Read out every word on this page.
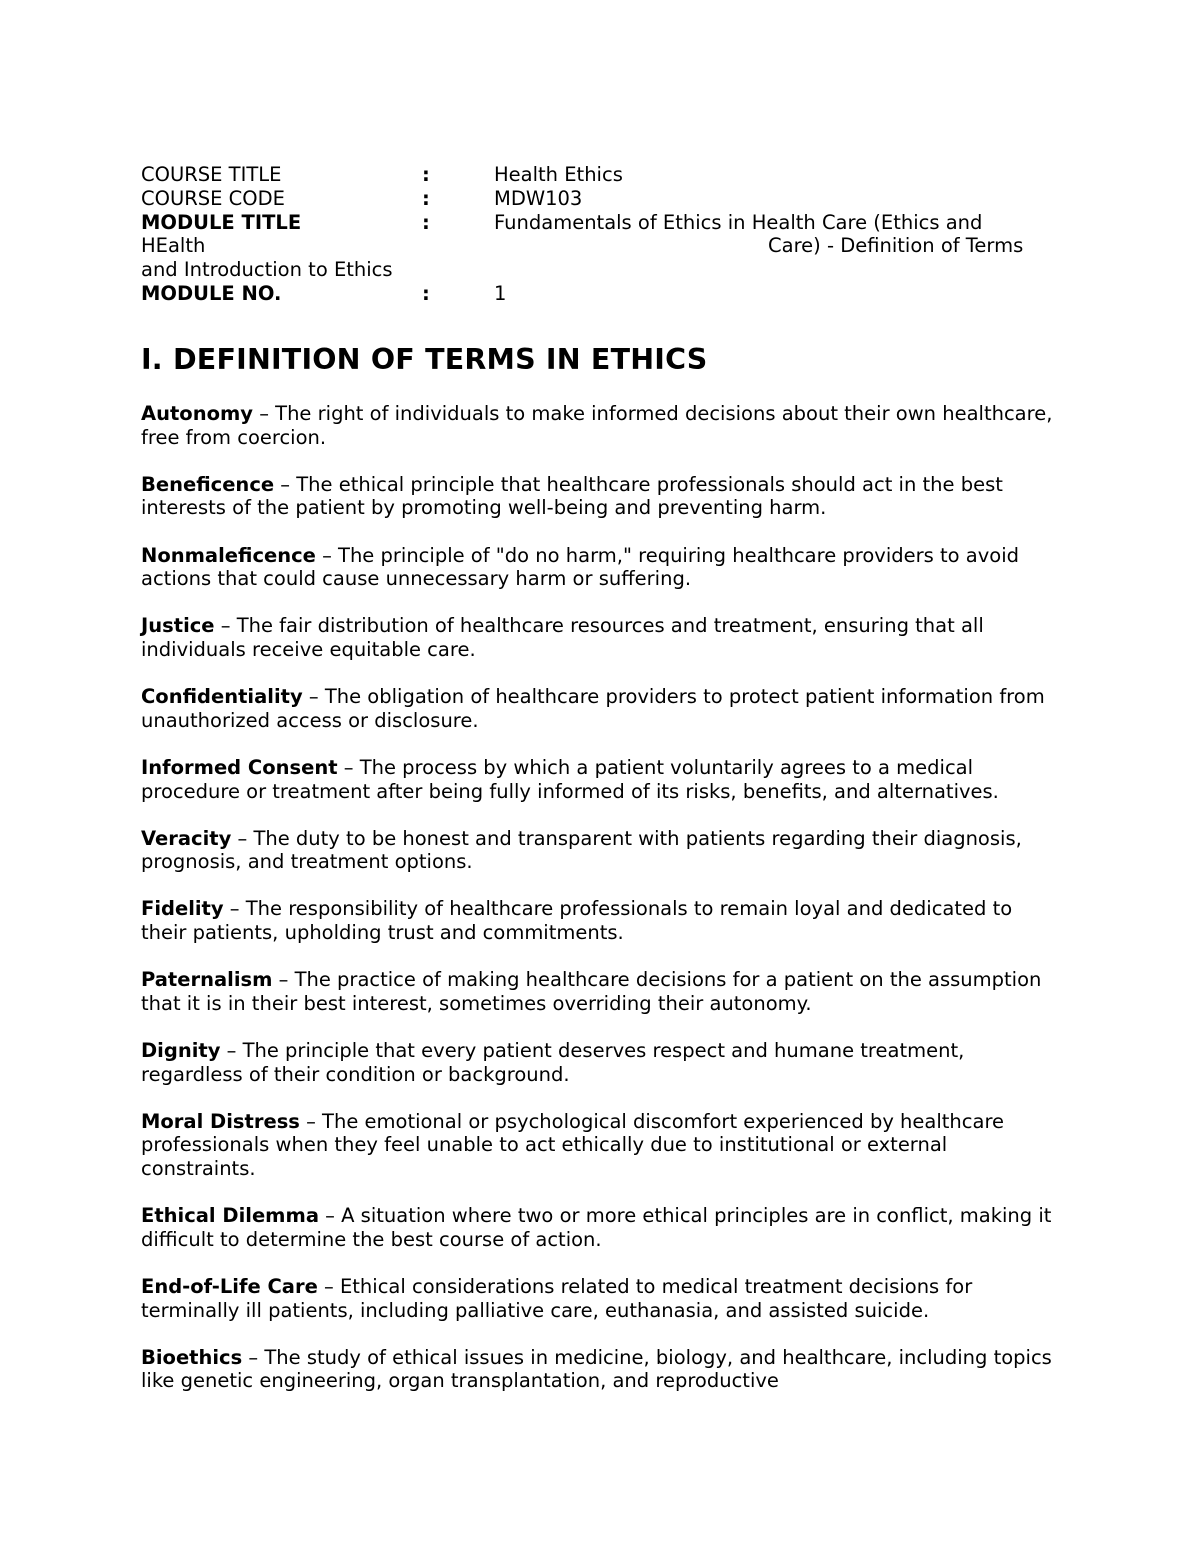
COURSE TITLE	:	Health Ethics
COURSE CODE	:	MDW103
MODULE TITLE	:	Fundamentals of Ethics in Health Care (Ethics and
HEalth	Care) - Definition of Terms
and Introduction to Ethics
MODULE NO.	:	1
I. DEFINITION OF TERMS IN ETHICS

Autonomy – The right of individuals to make informed decisions about their own healthcare, free from coercion.

Beneficence – The ethical principle that healthcare professionals should act in the best interests of the patient by promoting well-being and preventing harm.

Nonmaleficence – The principle of "do no harm," requiring healthcare providers to avoid actions that could cause unnecessary harm or suffering.

Justice – The fair distribution of healthcare resources and treatment, ensuring that all individuals receive equitable care.

Confidentiality – The obligation of healthcare providers to protect patient information from unauthorized access or disclosure.

Informed Consent – The process by which a patient voluntarily agrees to a medical procedure or treatment after being fully informed of its risks, benefits, and alternatives.

Veracity – The duty to be honest and transparent with patients regarding their diagnosis, prognosis, and treatment options.

Fidelity – The responsibility of healthcare professionals to remain loyal and dedicated to their patients, upholding trust and commitments.

Paternalism – The practice of making healthcare decisions for a patient on the assumption that it is in their best interest, sometimes overriding their autonomy.

Dignity – The principle that every patient deserves respect and humane treatment, regardless of their condition or background.

Moral Distress – The emotional or psychological discomfort experienced by healthcare professionals when they feel unable to act ethically due to institutional or external constraints.

Ethical Dilemma – A situation where two or more ethical principles are in conflict, making it difficult to determine the best course of action.

End-of-Life Care – Ethical considerations related to medical treatment decisions for terminally ill patients, including palliative care, euthanasia, and assisted suicide.

Bioethics – The study of ethical issues in medicine, biology, and healthcare, including topics like genetic engineering, organ transplantation, and reproductive
